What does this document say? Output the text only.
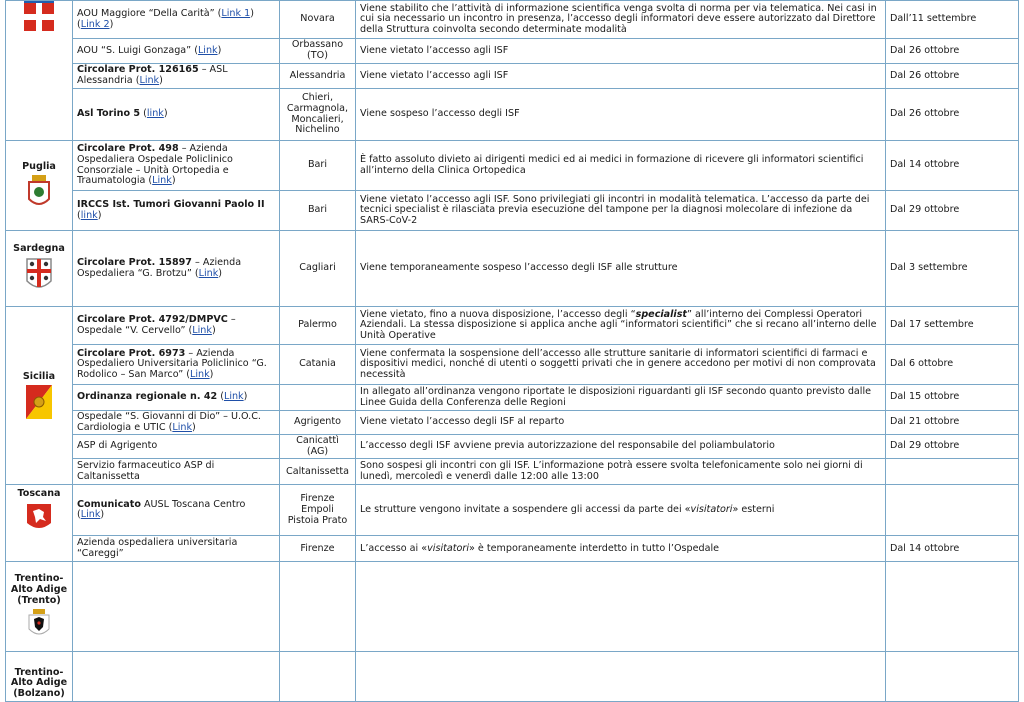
	AOU Maggiore “Della Carità” (Link 1)
(Link 2)	Novara	Viene stabilito che l’attività di informazione scientifica venga svolta di norma per via telematica. Nei casi in cui sia necessario un incontro in presenza, l’accesso degli informatori deve essere autorizzato dal Direttore della Struttura coinvolta secondo determinate modalità	Dall’11 settembre
	AOU “S. Luigi Gonzaga” (Link)	Orbassano (TO)	Viene vietato l’accesso agli ISF	Dal 26 ottobre
	Circolare Prot. 126165 – ASL Alessandria (Link)	Alessandria	Viene vietato l’accesso agli ISF	Dal 26 ottobre
	Asl Torino 5 (link)	Chieri, Carmagnola, Moncalieri, Nichelino	Viene sospeso l’accesso degli ISF	Dal 26 ottobre

Puglia	Circolare Prot. 498 – Azienda Ospedaliera Ospedale Policlinico Consorziale – Unità Ortopedia e Traumatologia (Link)	Bari	È fatto assoluto divieto ai dirigenti medici ed ai medici in formazione di ricevere gli informatori scientifici all’interno della Clinica Ortopedica	Dal 14 ottobre
	IRCCS Ist. Tumori Giovanni Paolo II (link)	Bari	Viene vietato l’accesso agli ISF. Sono privilegiati gli incontri in modalità telematica. L’accesso da parte dei tecnici specialist è rilasciata previa esecuzione del tampone per la diagnosi molecolare di infezione da SARS-CoV-2	Dal 29 ottobre

Sardegna	Circolare Prot. 15897 – Azienda Ospedaliera “G. Brotzu” (Link)	Cagliari	Viene temporaneamente sospeso l’accesso degli ISF alle strutture	Dal 3 settembre

Sicilia	Circolare Prot. 4792/DMPVC – Ospedale “V. Cervello” (Link)	Palermo	Viene vietato, fino a nuova disposizione, l’accesso degli “specialist” all’interno dei Complessi Operatori Aziendali. La stessa disposizione si applica anche agli “informatori scientifici” che si recano all’interno delle Unità Operative	Dal 17 settembre
	Circolare Prot. 6973 – Azienda Ospedaliero Universitaria Policlinico “G. Rodolico – San Marco” (Link)	Catania	Viene confermata la sospensione dell’accesso alle strutture sanitarie di informatori scientifici di farmaci e dispositivi medici, nonché di utenti o soggetti privati che in genere accedono per motivi di non comprovata necessità	Dal 6 ottobre
	Ordinanza regionale n. 42 (Link)		In allegato all’ordinanza vengono riportate le disposizioni riguardanti gli ISF secondo quanto previsto dalle Linee Guida della Conferenza delle Regioni	Dal 15 ottobre
	Ospedale “S. Giovanni di Dio” – U.O.C. Cardiologia e UTIC (Link)	Agrigento	Viene vietato l’accesso degli ISF al reparto	Dal 21 ottobre
	ASP di Agrigento	Canicattì (AG)	L’accesso degli ISF avviene previa autorizzazione del responsabile del poliambulatorio	Dal 29 ottobre
	Servizio farmaceutico ASP di Caltanissetta	Caltanissetta	Sono sospesi gli incontri con gli ISF. L’informazione potrà essere svolta telefonicamente solo nei giorni di lunedì, mercoledì e venerdì dalle 12:00 alle 13:00	

Toscana	Comunicato AUSL Toscana Centro (Link)	Firenze Empoli Pistoia Prato	Le strutture vengono invitate a sospendere gli accessi da parte dei «visitatori» esterni	
	Azienda ospedaliera universitaria “Careggi”	Firenze	L’accesso ai «visitatori» è temporaneamente interdetto in tutto l’Ospedale	Dal 14 ottobre

Trentino-Alto Adige (Trento)				

Trentino-Alto Adige (Bolzano)				
